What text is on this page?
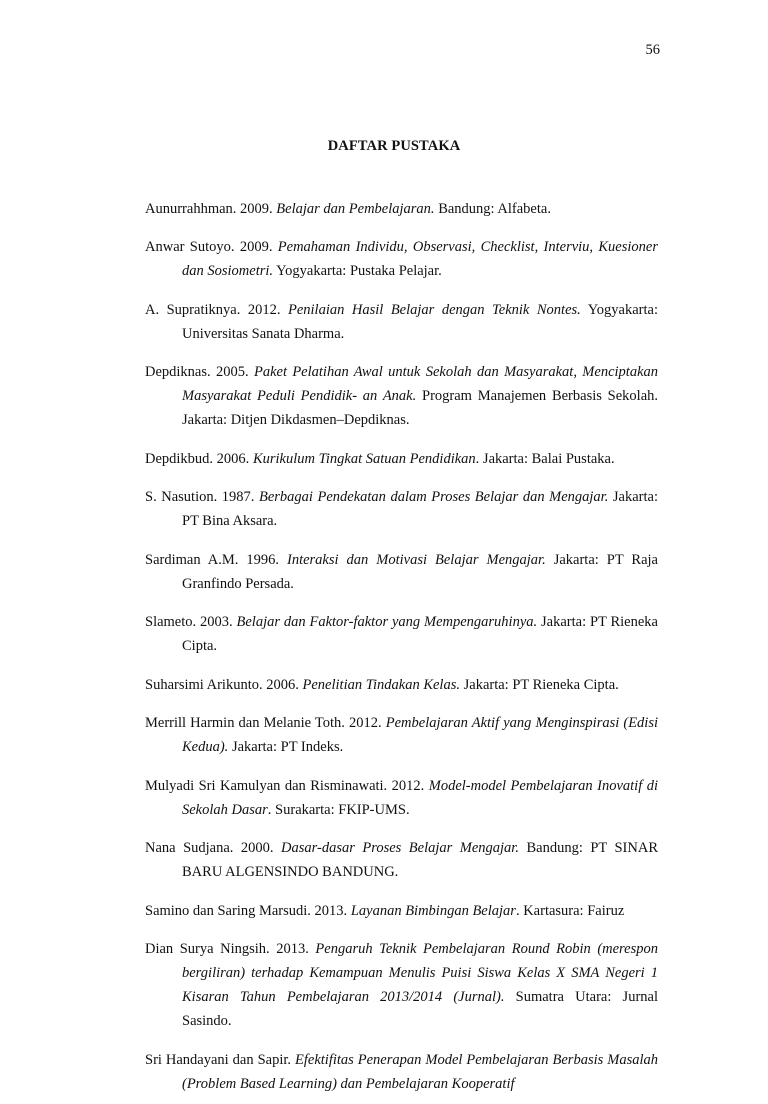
56
DAFTAR PUSTAKA

Aunurrahhman. 2009. Belajar dan Pembelajaran. Bandung: Alfabeta.

Anwar Sutoyo. 2009. Pemahaman Individu, Observasi, Checklist, Interviu, Kuesioner dan Sosiometri. Yogyakarta: Pustaka Pelajar.

A. Supratiknya. 2012. Penilaian Hasil Belajar dengan Teknik Nontes. Yogyakarta: Universitas Sanata Dharma.

Depdiknas. 2005. Paket Pelatihan Awal untuk Sekolah dan Masyarakat, Menciptakan Masyarakat Peduli Pendidik- an Anak. Program Manajemen Berbasis Sekolah. Jakarta: Ditjen Dikdasmen–Depdiknas.

Depdikbud. 2006. Kurikulum Tingkat Satuan Pendidikan. Jakarta: Balai Pustaka.

S. Nasution. 1987. Berbagai Pendekatan dalam Proses Belajar dan Mengajar. Jakarta: PT Bina Aksara.

Sardiman A.M. 1996. Interaksi dan Motivasi Belajar Mengajar. Jakarta: PT Raja Granfindo Persada.

Slameto. 2003. Belajar dan Faktor-faktor yang Mempengaruhinya. Jakarta: PT Rieneka Cipta.

Suharsimi Arikunto. 2006. Penelitian Tindakan Kelas. Jakarta: PT Rieneka Cipta.

Merrill Harmin dan Melanie Toth. 2012. Pembelajaran Aktif yang Menginspirasi (Edisi Kedua). Jakarta: PT Indeks.

Mulyadi Sri Kamulyan dan Risminawati. 2012. Model-model Pembelajaran Inovatif di Sekolah Dasar. Surakarta: FKIP-UMS.

Nana Sudjana. 2000. Dasar-dasar Proses Belajar Mengajar. Bandung: PT SINAR BARU ALGENSINDO BANDUNG.

Samino dan Saring Marsudi. 2013. Layanan Bimbingan Belajar. Kartasura: Fairuz

Dian Surya Ningsih. 2013. Pengaruh Teknik Pembelajaran Round Robin (merespon bergiliran) terhadap Kemampuan Menulis Puisi Siswa Kelas X SMA Negeri 1 Kisaran Tahun Pembelajaran 2013/2014 (Jurnal). Sumatra Utara: Jurnal Sasindo.

Sri Handayani dan Sapir. Efektifitas Penerapan Model Pembelajaran Berbasis Masalah (Problem Based Learning) dan Pembelajaran Kooperatif
